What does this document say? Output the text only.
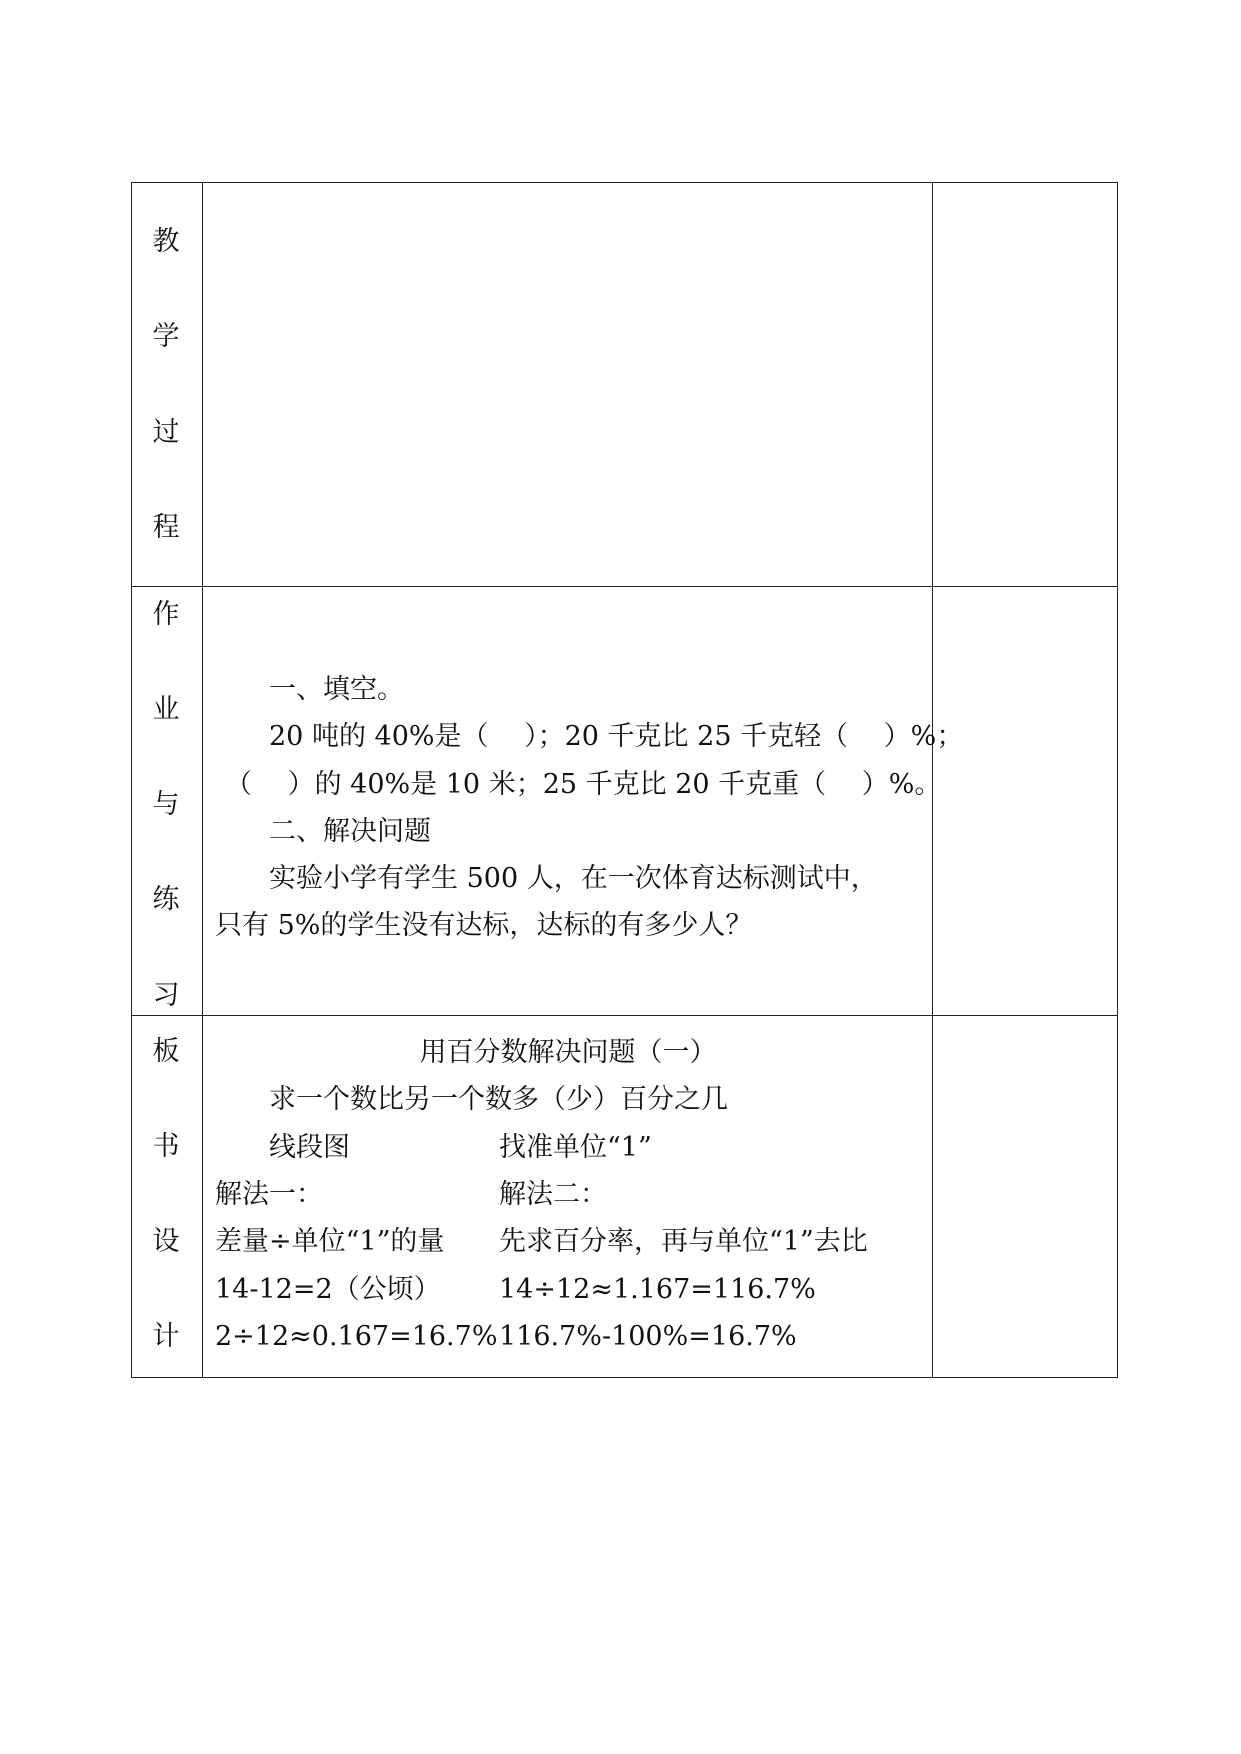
教
学
过
程
作
业
与
练
习
板
书
设
计
一、填空。
20 吨的 40%是（　 ）；20 千克比 25 千克轻（　 ）%；
（　 ）的 40%是 10 米；25 千克比 20 千克重（　 ）%。
二、解决问题
实验小学有学生 500 人，在一次体育达标测试中，
只有 5%的学生没有达标，达标的有多少人？
用百分数解决问题（一）
求一个数比另一个数多（少）百分之几
线段图	找准单位“1”
解法一：	解法二：
差量÷单位“1”的量 先求百分率，再与单位“1”去比
14-12=2（公顷） 14÷12≈1.167=116.7%
2÷12≈0.167=16.7% 116.7%-100%=16.7%
